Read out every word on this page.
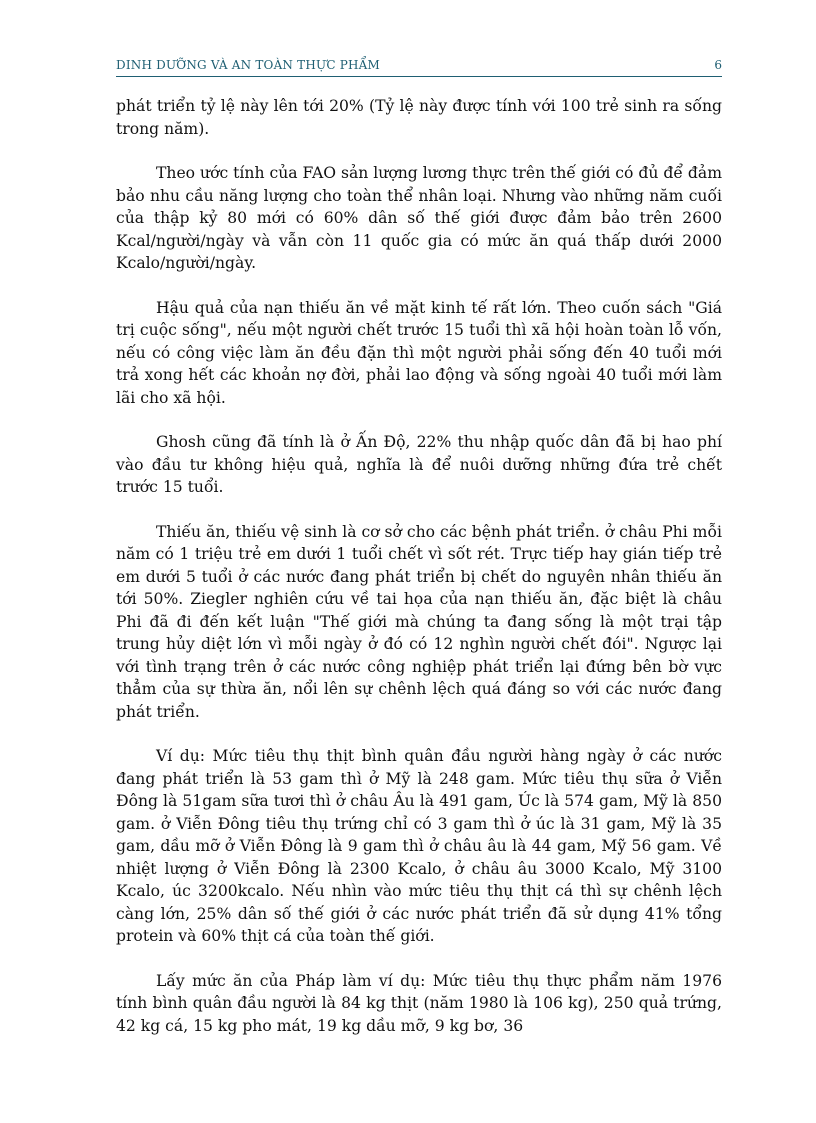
DINH DƯỠNG VÀ AN TOÀN THỰC PHẨM	6

phát triển tỷ lệ này lên tới 20% (Tỷ lệ này được tính với 100 trẻ sinh ra sống trong năm).

Theo ước tính của FAO sản lượng lương thực trên thế giới có đủ để đảm bảo nhu cầu năng lượng cho toàn thể nhân loại. Nhưng vào những năm cuối của thập kỷ 80 mới có 60% dân số thế giới được đảm bảo trên 2600 Kcal/người/ngày và vẫn còn 11 quốc gia có mức ăn quá thấp dưới 2000 Kcalo/người/ngày.

Hậu quả của nạn thiếu ăn về mặt kinh tế rất lớn. Theo cuốn sách "Giá trị cuộc sống", nếu một người chết trước 15 tuổi thì xã hội hoàn toàn lỗ vốn, nếu có công việc làm ăn đều đặn thì một người phải sống đến 40 tuổi mới trả xong hết các khoản nợ đời, phải lao động và sống ngoài 40 tuổi mới làm lãi cho xã hội.

Ghosh cũng đã tính là ở Ấn Độ, 22% thu nhập quốc dân đã bị hao phí vào đầu tư không hiệu quả, nghĩa là để nuôi dưỡng những đứa trẻ chết trước 15 tuổi.

Thiếu ăn, thiếu vệ sinh là cơ sở cho các bệnh phát triển. ở châu Phi mỗi năm có 1 triệu trẻ em dưới 1 tuổi chết vì sốt rét. Trực tiếp hay gián tiếp trẻ em dưới 5 tuổi ở các nước đang phát triển bị chết do nguyên nhân thiếu ăn tới 50%. Ziegler nghiên cứu về tai họa của nạn thiếu ăn, đặc biệt là châu Phi đã đi đến kết luận "Thế giới mà chúng ta đang sống là một trại tập trung hủy diệt lớn vì mỗi ngày ở đó có 12 nghìn người chết đói". Ngược lại với tình trạng trên ở các nước công nghiệp phát triển lại đứng bên bờ vực thẳm của sự thừa ăn, nổi lên sự chênh lệch quá đáng so với các nước đang phát triển.

Ví dụ: Mức tiêu thụ thịt bình quân đầu người hàng ngày ở các nước đang phát triển là 53 gam thì ở Mỹ là 248 gam. Mức tiêu thụ sữa ở Viễn Đông là 51gam sữa tươi thì ở châu Âu là 491 gam, Úc là 574 gam, Mỹ là 850 gam. ở Viễn Đông tiêu thụ trứng chỉ có 3 gam thì ở úc là 31 gam, Mỹ là 35 gam, dầu mỡ ở Viễn Đông là 9 gam thì ở châu âu là 44 gam, Mỹ 56 gam. Về nhiệt lượng ở Viễn Đông là 2300 Kcalo, ở châu âu 3000 Kcalo, Mỹ 3100 Kcalo, úc 3200kcalo. Nếu nhìn vào mức tiêu thụ thịt cá thì sự chênh lệch càng lớn, 25% dân số thế giới ở các nước phát triển đã sử dụng 41% tổng protein và 60% thịt cá của toàn thế giới.

Lấy mức ăn của Pháp làm ví dụ: Mức tiêu thụ thực phẩm năm 1976 tính bình quân đầu người là 84 kg thịt (năm 1980 là 106 kg), 250 quả trứng, 42 kg cá, 15 kg pho mát, 19 kg dầu mỡ, 9 kg bơ, 36
